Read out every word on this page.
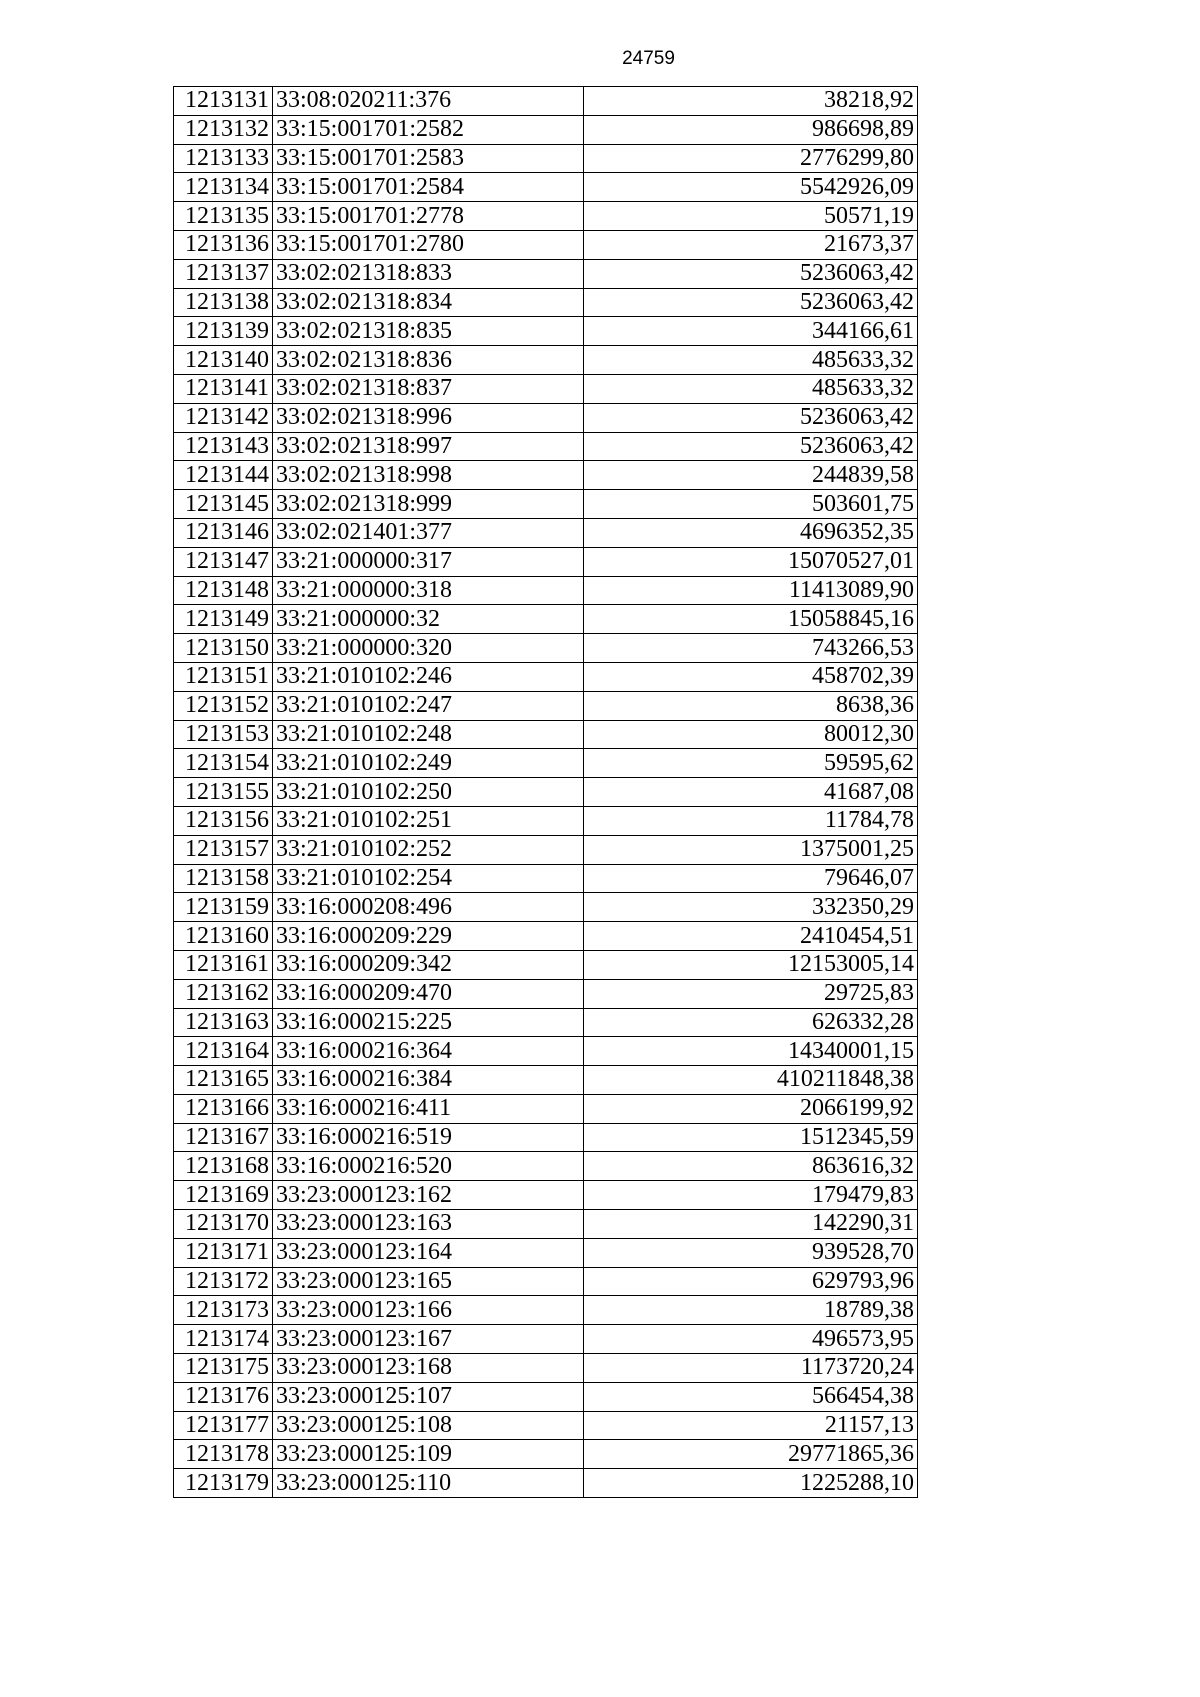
24759
1213131	33:08:020211:376	38218,92
1213132	33:15:001701:2582	986698,89
1213133	33:15:001701:2583	2776299,80
1213134	33:15:001701:2584	5542926,09
1213135	33:15:001701:2778	50571,19
1213136	33:15:001701:2780	21673,37
1213137	33:02:021318:833	5236063,42
1213138	33:02:021318:834	5236063,42
1213139	33:02:021318:835	344166,61
1213140	33:02:021318:836	485633,32
1213141	33:02:021318:837	485633,32
1213142	33:02:021318:996	5236063,42
1213143	33:02:021318:997	5236063,42
1213144	33:02:021318:998	244839,58
1213145	33:02:021318:999	503601,75
1213146	33:02:021401:377	4696352,35
1213147	33:21:000000:317	15070527,01
1213148	33:21:000000:318	11413089,90
1213149	33:21:000000:32	15058845,16
1213150	33:21:000000:320	743266,53
1213151	33:21:010102:246	458702,39
1213152	33:21:010102:247	8638,36
1213153	33:21:010102:248	80012,30
1213154	33:21:010102:249	59595,62
1213155	33:21:010102:250	41687,08
1213156	33:21:010102:251	11784,78
1213157	33:21:010102:252	1375001,25
1213158	33:21:010102:254	79646,07
1213159	33:16:000208:496	332350,29
1213160	33:16:000209:229	2410454,51
1213161	33:16:000209:342	12153005,14
1213162	33:16:000209:470	29725,83
1213163	33:16:000215:225	626332,28
1213164	33:16:000216:364	14340001,15
1213165	33:16:000216:384	410211848,38
1213166	33:16:000216:411	2066199,92
1213167	33:16:000216:519	1512345,59
1213168	33:16:000216:520	863616,32
1213169	33:23:000123:162	179479,83
1213170	33:23:000123:163	142290,31
1213171	33:23:000123:164	939528,70
1213172	33:23:000123:165	629793,96
1213173	33:23:000123:166	18789,38
1213174	33:23:000123:167	496573,95
1213175	33:23:000123:168	1173720,24
1213176	33:23:000125:107	566454,38
1213177	33:23:000125:108	21157,13
1213178	33:23:000125:109	29771865,36
1213179	33:23:000125:110	1225288,10
